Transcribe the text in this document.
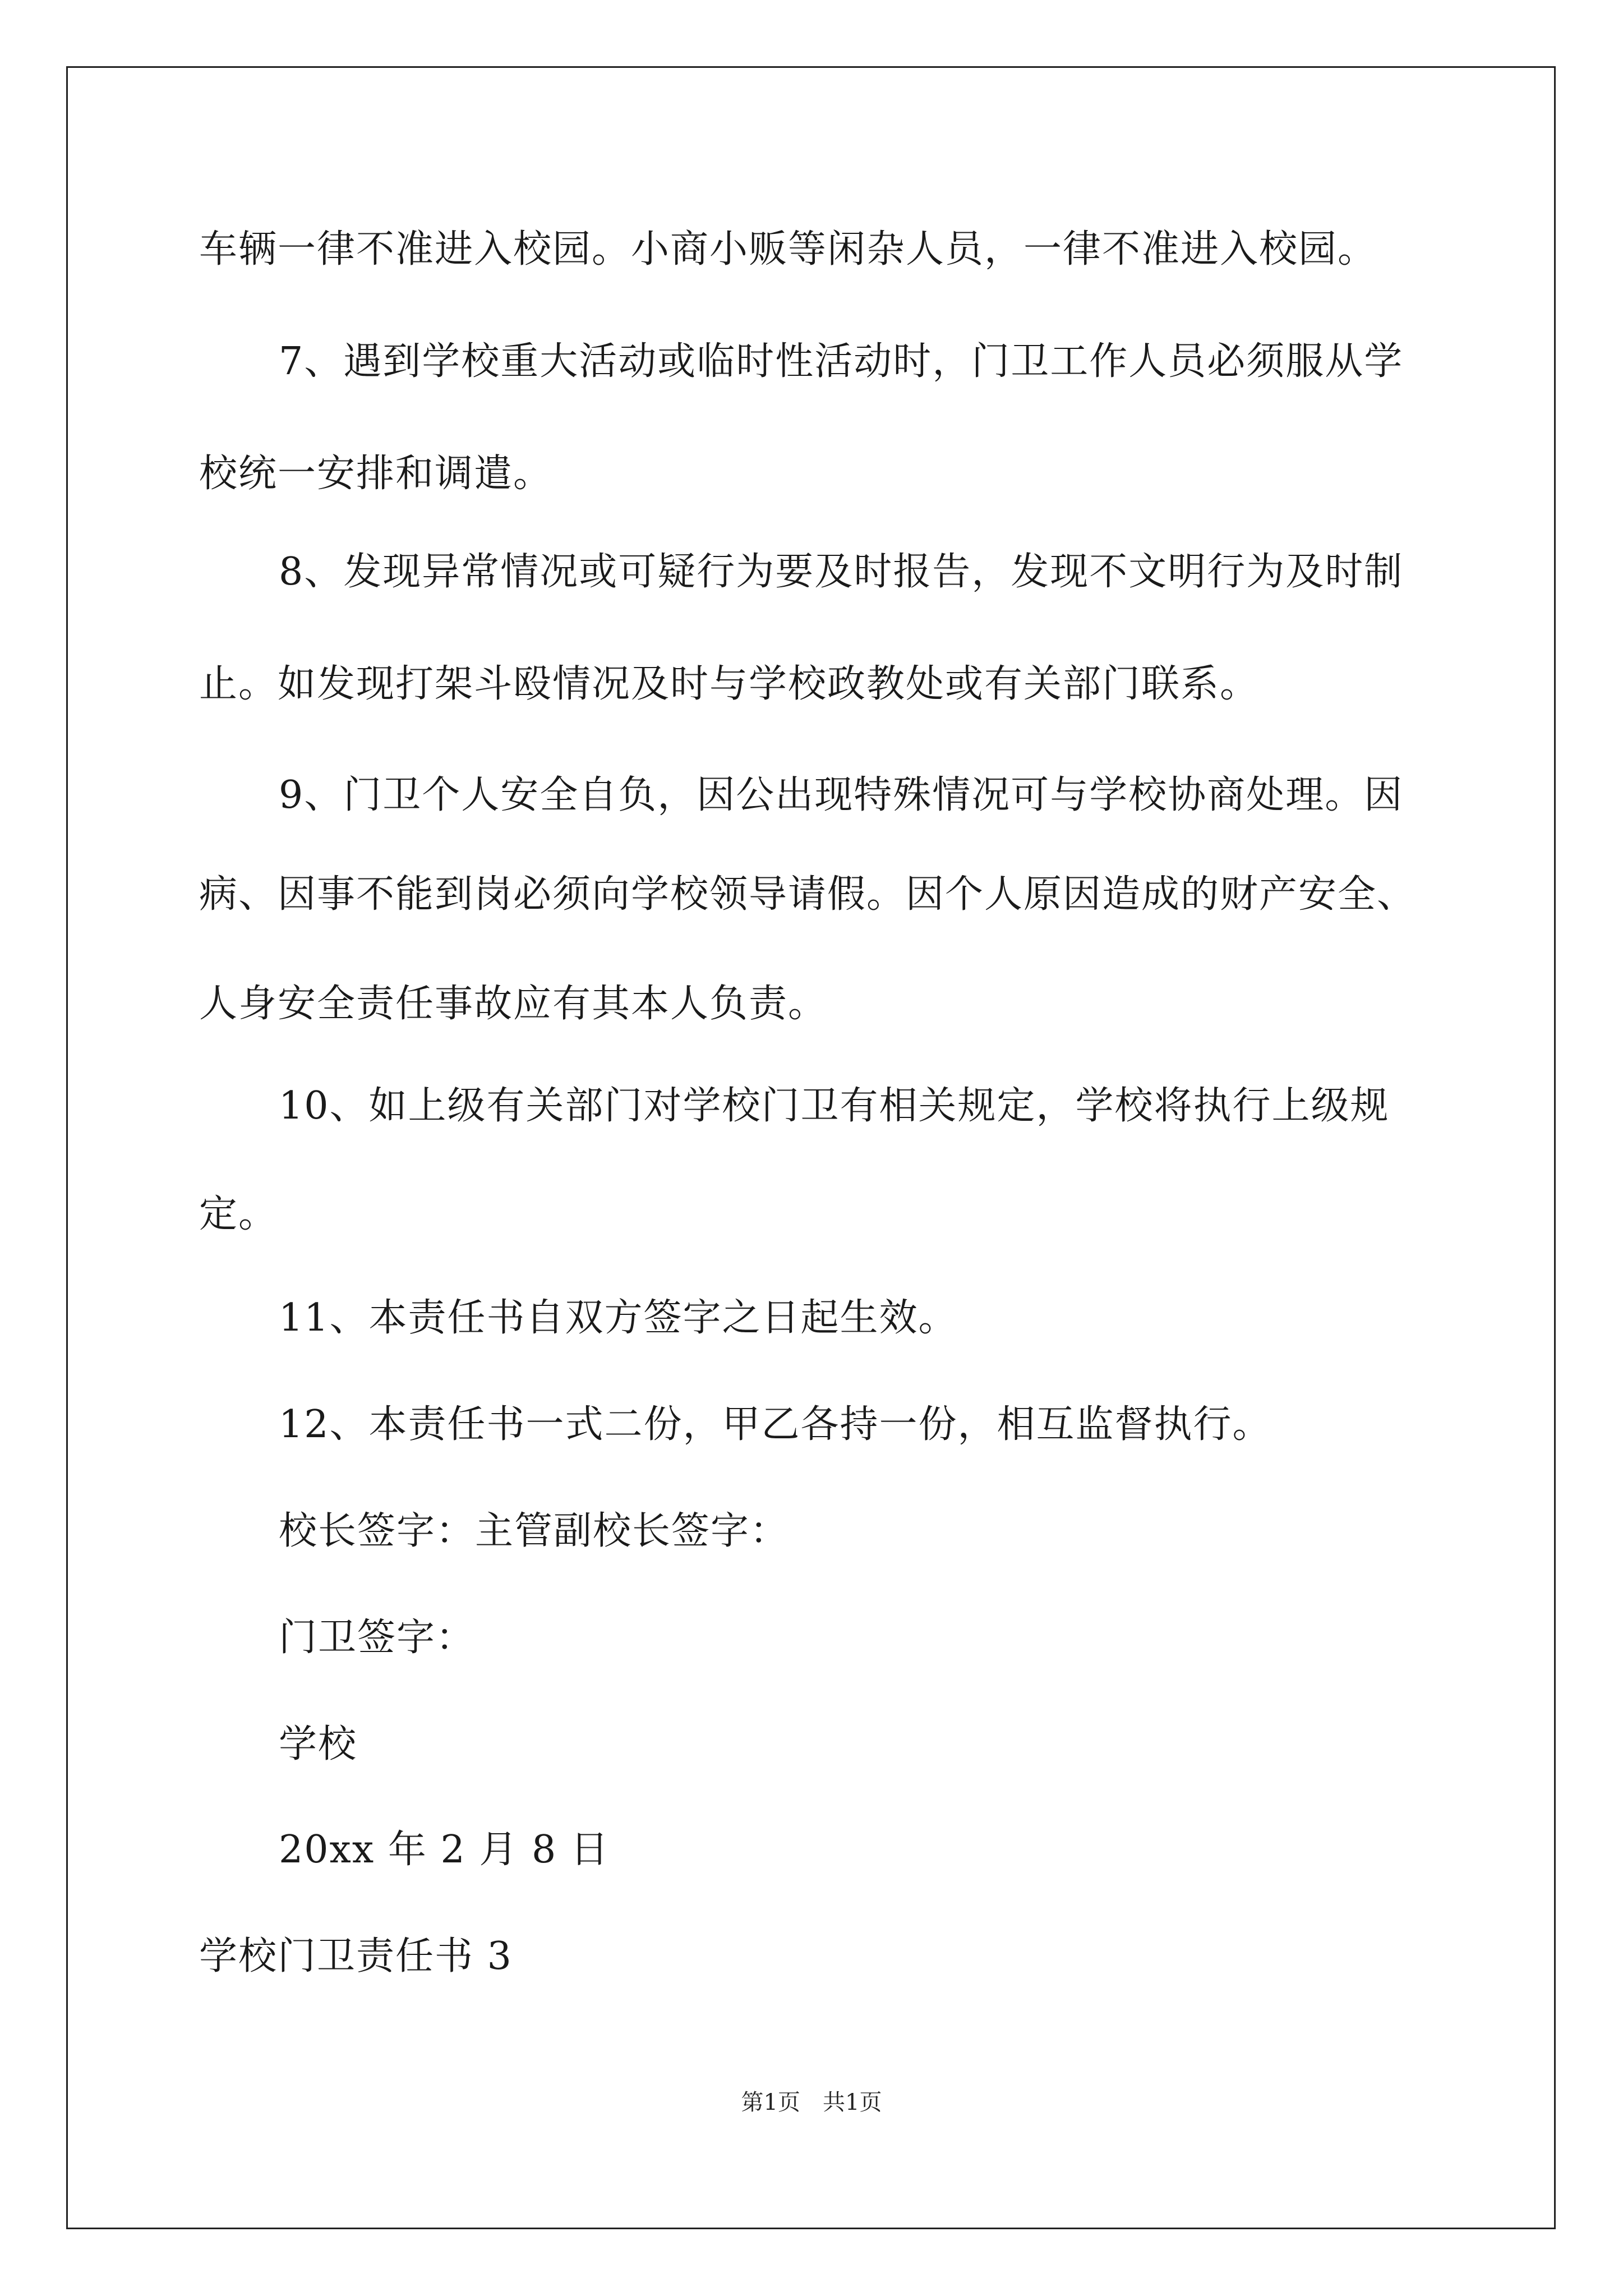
车辆一律不准进入校园。小商小贩等闲杂人员，一律不准进入校园。
7、遇到学校重大活动或临时性活动时，门卫工作人员必须服从学
校统一安排和调遣。
8、发现异常情况或可疑行为要及时报告，发现不文明行为及时制
止。如发现打架斗殴情况及时与学校政教处或有关部门联系。
9、门卫个人安全自负，因公出现特殊情况可与学校协商处理。因
病、因事不能到岗必须向学校领导请假。因个人原因造成的财产安全、
人身安全责任事故应有其本人负责。
10、如上级有关部门对学校门卫有相关规定，学校将执行上级规
定。
11、本责任书自双方签字之日起生效。
12、本责任书一式二份，甲乙各持一份，相互监督执行。
校长签字：主管副校长签字：
门卫签字：
学校
20xx 年 2 月 8 日
学校门卫责任书 3
第1页　共1页
